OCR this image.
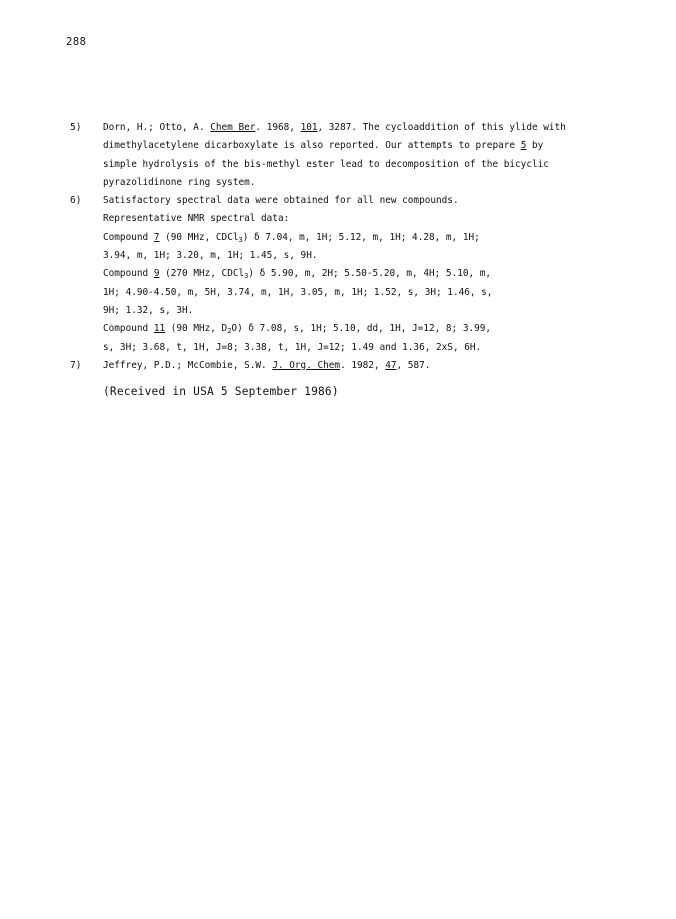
288
5) Dorn, H.; Otto, A. Chem Ber. 1968, 101, 3287. The cycloaddition of this ylide with
dimethylacetylene dicarboxylate is also reported. Our attempts to prepare 5 by
simple hydrolysis of the bis-methyl ester lead to decomposition of the bicyclic
pyrazolidinone ring system.
6) Satisfactory spectral data were obtained for all new compounds.
Representative NMR spectral data:
Compound 7 (90 MHz, CDCl$_3$) δ 7.04, m, 1H; 5.12, m, 1H; 4.28, m, 1H;
3.94, m, 1H; 3.20, m, 1H; 1.45, s, 9H.
Compound 9 (270 MHz, CDCl$_3$) δ 5.90, m, 2H; 5.50-5.20, m, 4H; 5.10, m,
1H; 4.90-4.50, m, 5H, 3.74, m, 1H, 3.05, m, 1H; 1.52, s, 3H; 1.46, s,
9H; 1.32, s, 3H.
Compound 11 (90 MHz, $D_2O$) δ 7.08, s, 1H; 5.10, dd, 1H, J=12, 8; 3.99,
s, 3H; 3.68, t, 1H, J=8; 3.38, t, 1H, J=12; 1.49 and 1.36, 2xS, 6H.
7) Jeffrey, P.D.; McCombie, S.W. J. Org. Chem. 1982, 47, 587.
(Received in USA 5 September 1986)
